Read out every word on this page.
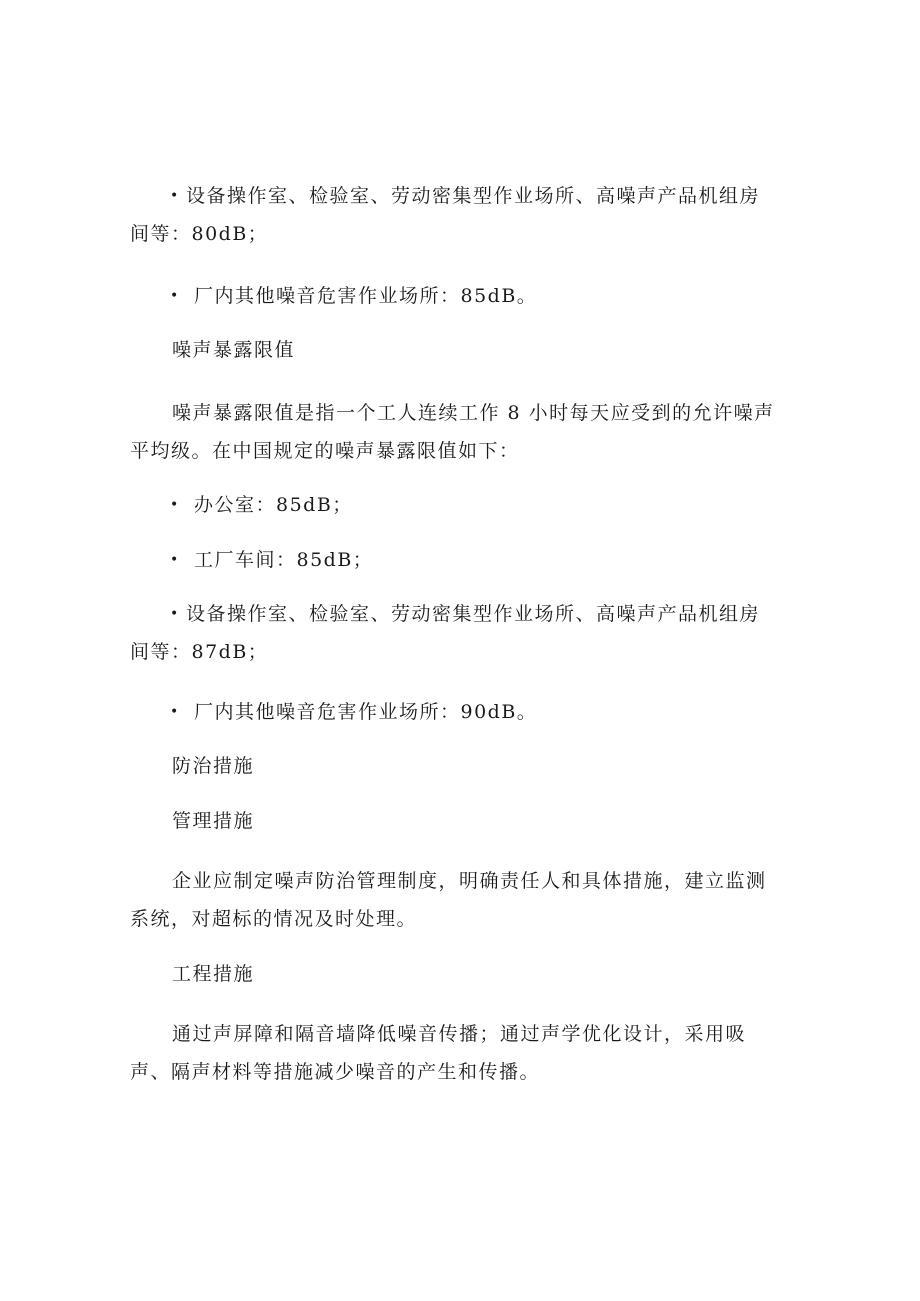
• 设备操作室、检验室、劳动密集型作业场所、高噪声产品机组房间等：80dB；

• 厂内其他噪音危害作业场所：85dB。

噪声暴露限值

噪声暴露限值是指一个工人连续工作 8 小时每天应受到的允许噪声平均级。在中国规定的噪声暴露限值如下：

• 办公室：85dB；
• 工厂车间：85dB；

• 设备操作室、检验室、劳动密集型作业场所、高噪声产品机组房间等：87dB；

• 厂内其他噪音危害作业场所：90dB。

防治措施

管理措施

企业应制定噪声防治管理制度，明确责任人和具体措施，建立监测系统，对超标的情况及时处理。

工程措施

通过声屏障和隔音墙降低噪音传播；通过声学优化设计，采用吸声、隔声材料等措施减少噪音的产生和传播。
